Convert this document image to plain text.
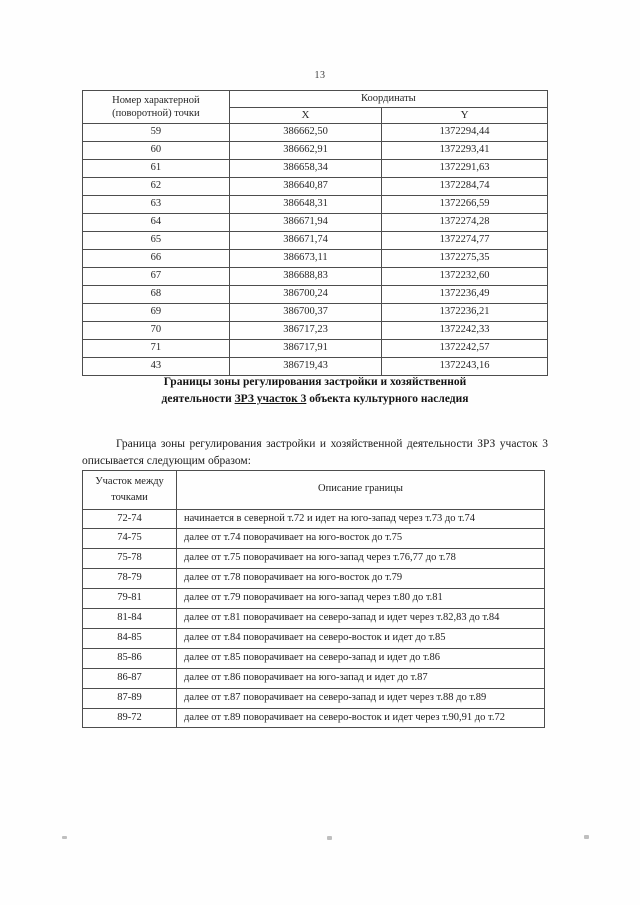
13
Номер характерной (поворотной) точки	Координаты	
	X	Y
59	386662,50	1372294,44
60	386662,91	1372293,41
61	386658,34	1372291,63
62	386640,87	1372284,74
63	386648,31	1372266,59
64	386671,94	1372274,28
65	386671,74	1372274,77
66	386673,11	1372275,35
67	386688,83	1372232,60
68	386700,24	1372236,49
69	386700,37	1372236,21
70	386717,23	1372242,33
71	386717,91	1372242,57
43	386719,43	1372243,16
Границы зоны регулирования застройки и хозяйственной
деятельности ЗРЗ участок 3 объекта культурного наследия

Граница зоны регулирования застройки и хозяйственной деятельности ЗРЗ участок 3 описывается следующим образом:

Участок между точками	Описание границы
72-74	начинается в северной т.72 и идет на юго-запад через т.73 до т.74
74-75	далее от т.74 поворачивает на юго-восток до т.75
75-78	далее от т.75 поворачивает на юго-запад через т.76,77 до т.78
78-79	далее от т.78 поворачивает на юго-восток до т.79
79-81	далее от т.79 поворачивает на юго-запад через т.80 до т.81
81-84	далее от т.81 поворачивает на северо-запад и идет через т.82,83 до т.84
84-85	далее от т.84 поворачивает на северо-восток и идет до т.85
85-86	далее от т.85 поворачивает на северо-запад и идет до т.86
86-87	далее от т.86 поворачивает на юго-запад и идет до т.87
87-89	далее от т.87 поворачивает на северо-запад и идет через т.88 до т.89
89-72	далее от т.89 поворачивает на северо-восток и идет через т.90,91 до т.72
